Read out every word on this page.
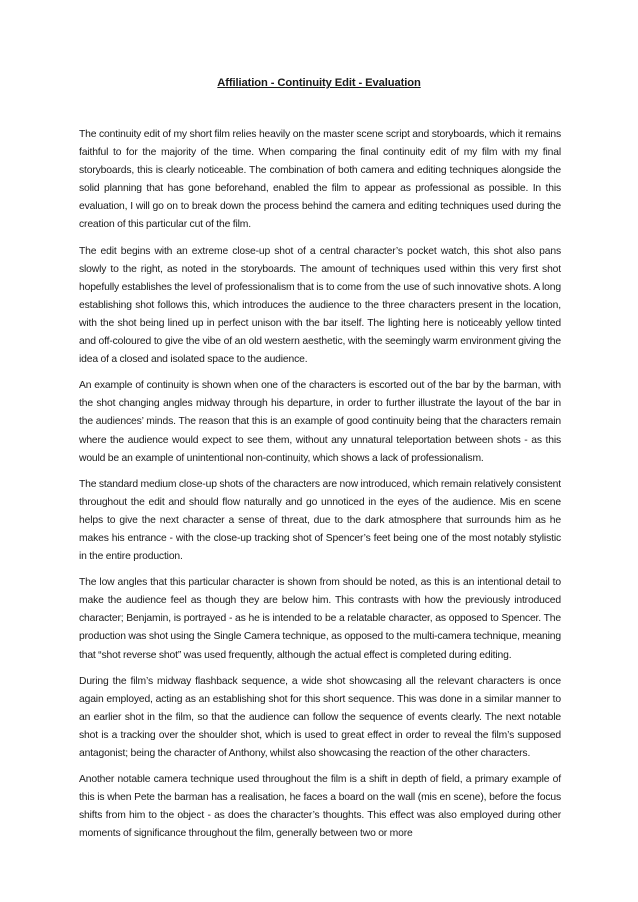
Affiliation - Continuity Edit - Evaluation

The continuity edit of my short film relies heavily on the master scene script and storyboards, which it remains faithful to for the majority of the time. When comparing the final continuity edit of my film with my final storyboards, this is clearly noticeable. The combination of both camera and editing techniques alongside the solid planning that has gone beforehand, enabled the film to appear as professional as possible. In this evaluation, I will go on to break down the process behind the camera and editing techniques used during the creation of this particular cut of the film.

The edit begins with an extreme close-up shot of a central character’s pocket watch, this shot also pans slowly to the right, as noted in the storyboards. The amount of techniques used within this very first shot hopefully establishes the level of professionalism that is to come from the use of such innovative shots. A long establishing shot follows this, which introduces the audience to the three characters present in the location, with the shot being lined up in perfect unison with the bar itself. The lighting here is noticeably yellow tinted and off-coloured to give the vibe of an old western aesthetic, with the seemingly warm environment giving the idea of a closed and isolated space to the audience.

An example of continuity is shown when one of the characters is escorted out of the bar by the barman, with the shot changing angles midway through his departure, in order to further illustrate the layout of the bar in the audiences’ minds. The reason that this is an example of good continuity being that the characters remain where the audience would expect to see them, without any unnatural teleportation between shots - as this would be an example of unintentional non-continuity, which shows a lack of professionalism.

The standard medium close-up shots of the characters are now introduced, which remain relatively consistent throughout the edit and should flow naturally and go unnoticed in the eyes of the audience. Mis en scene helps to give the next character a sense of threat, due to the dark atmosphere that surrounds him as he makes his entrance - with the close-up tracking shot of Spencer’s feet being one of the most notably stylistic in the entire production.

The low angles that this particular character is shown from should be noted, as this is an intentional detail to make the audience feel as though they are below him. This contrasts with how the previously introduced character; Benjamin, is portrayed - as he is intended to be a relatable character, as opposed to Spencer. The production was shot using the Single Camera technique, as opposed to the multi-camera technique, meaning that “shot reverse shot” was used frequently, although the actual effect is completed during editing.

During the film’s midway flashback sequence, a wide shot showcasing all the relevant characters is once again employed, acting as an establishing shot for this short sequence. This was done in a similar manner to an earlier shot in the film, so that the audience can follow the sequence of events clearly. The next notable shot is a tracking over the shoulder shot, which is used to great effect in order to reveal the film’s supposed antagonist; being the character of Anthony, whilst also showcasing the reaction of the other characters.

Another notable camera technique used throughout the film is a shift in depth of field, a primary example of this is when Pete the barman has a realisation, he faces a board on the wall (mis en scene), before the focus shifts from him to the object - as does the character’s thoughts. This effect was also employed during other moments of significance throughout the film, generally between two or more
